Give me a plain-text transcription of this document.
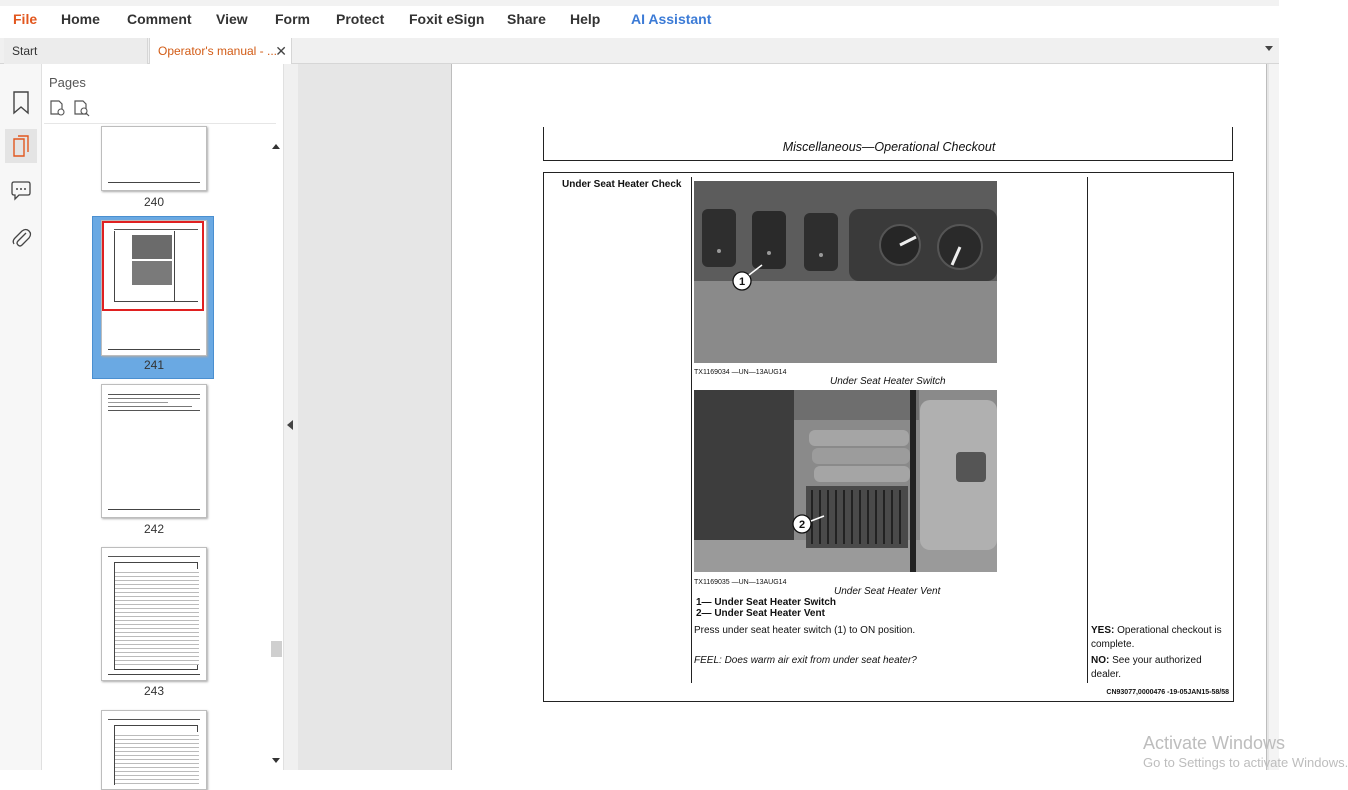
File Home Comment View Form Protect Foxit eSign Share Help AI Assistant
Start	Operator's manual - ...
✕
Pages
240
241
242
243
Miscellaneous—Operational Checkout
Under Seat Heater Check
1
TX1169034 —UN—13AUG14
Under Seat Heater Switch
2
TX1169035 —UN—13AUG14
Under Seat Heater Vent
1— Under Seat Heater Switch
2— Under Seat Heater Vent
Press under seat heater switch (1) to ON position.
FEEL: Does warm air exit from under seat heater?
YES: Operational checkout is complete.
NO: See your authorized dealer.
CN93077,0000476 -19-05JAN15-58/58
Activate Windows
Go to Settings to activate Windows.
